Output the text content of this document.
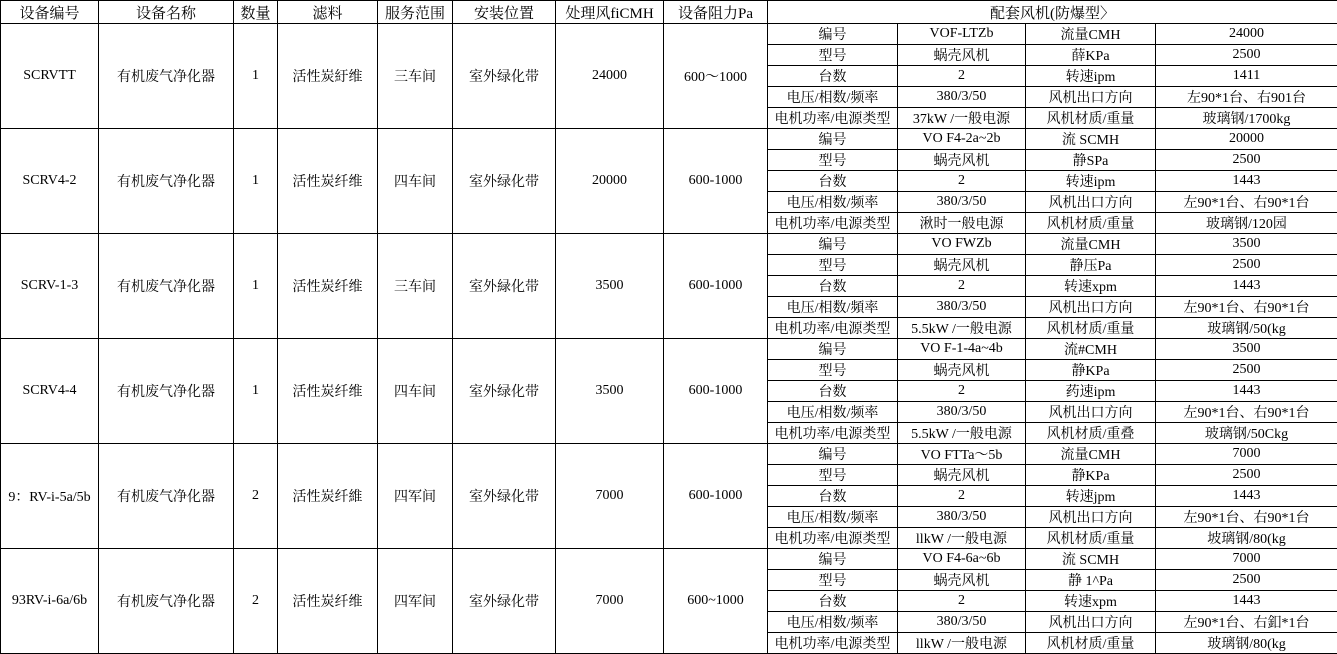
设备编号	设备名称	数量	滤料	服务范围	安装位置	处理风fiCMH	设备阻力Pa	配套风机(防爆型〉			
SCRVTT	有机废气净化器	1	活性炭紆维	三车间	室外绿化带	24000	600～1000	编号	VOF-LTZb	流量CMH	24000
								型号	蜗壳风机	薛KPa	2500
								台数	2	转速ipm	1411
								电压/相数/频率	380/3/50	风机出口方向	左90*1台、右901台
								电机功率/电源类型	37kW /一般电源	风机材质/重量	玻璃钢/1700kg
SCRV4-2	有机废气净化器	1	活性炭纤维	四车间	室外绿化带	20000	600-1000	编号	VO F4-2a~2b	流 SCMH	20000
								型号	蜗壳风机	静SPa	2500
								台数	2	转速ipm	1443
								电压/相数/频率	380/3/50	风机出口方向	左90*1台、右90*1台
								电机功率/电源类型	湫时一般电源	风机材质/重量	玻璃钢/120园
SCRV-1-3	有机废气净化器	1	活性炭纤维	三车间	室外緑化带	3500	600-1000	编号	VO FWZb	流量CMH	3500
								型号	蜗壳风机	静压Pa	2500
								台数	2	转速xpm	1443
								电压/相数/頻率	380/3/50	风机出口方向	左90*1台、右90*1台
								电机功率/电源类型	5.5kW /一般电源	风机材质/重量	玻璃钢/50(kg
SCRV4-4	有机废气净化器	1	活性炭纤维	四车间	室外绿化带	3500	600-1000	编号	VO F-1-4a~4b	流#CMH	3500
								型号	蜗壳风机	静KPa	2500
								台数	2	药速ipm	1443
								电压/相数/频率	380/3/50	风机出口方向	左90*1台、右90*1台
								电机功率/电源类型	5.5kW /一般电源	风机材质/重叠	玻璃钢/50Ckg
9：RV-i-5a/5b	有机废气净化器	2	活性炭纤維	四军间	室外绿化带	7000	600-1000	编号	VO FTTa～5b	流量CMH	7000
								型号	蜗壳风机	静KPa	2500
								台数	2	转速jpm	1443
								电压/相数/频率	380/3/50	风机出口方向	左90*1台、右90*1台
								电机功率/电源类型	llkW /一般电源	风机材质/重量	坡璃钢/80(kg
93RV-i-6a/6b	有机废气净化器	2	活性炭纤维	四军间	室外绿化带	7000	600~1000	编号	VO F4-6a~6b	流 SCMH	7000
								型号	蜗壳风机	静 1^Pa	2500
								台数	2	转速xpm	1443
								电压/相数/频率	380/3/50	风机出口方向	左90*1台、右釦*1台
								电机功率/电源类型	llkW /一般电源	风机材质/重量	玻璃钢/80(kg
